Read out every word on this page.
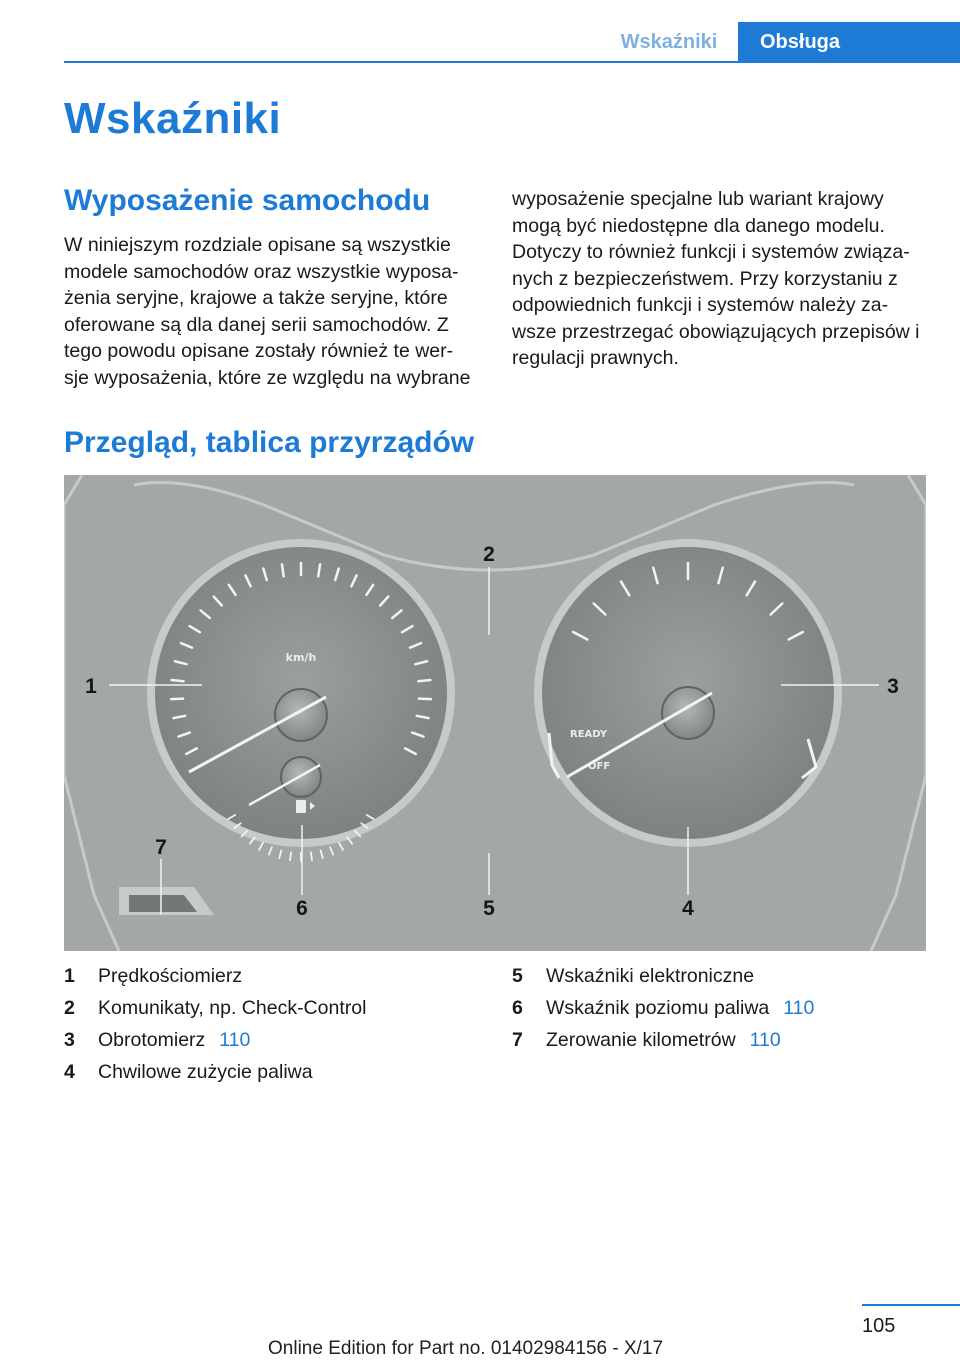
Wskaźniki	Obsługa
Wskaźniki
Wyposażenie samochodu
W niniejszym rozdziale opisane są wszystkie
modele samochodów oraz wszystkie wyposa‐
żenia seryjne, krajowe a także seryjne, które
oferowane są dla danej serii samochodów. Z
tego powodu opisane zostały również te wer‐
sje wyposażenia, które ze względu na wybrane
wyposażenie specjalne lub wariant krajowy
mogą być niedostępne dla danego modelu.
Dotyczy to również funkcji i systemów związa‐
nych z bezpieczeństwem. Przy korzystaniu z
odpowiednich funkcji i systemów należy za‐
wsze przestrzegać obowiązujących przepisów i
regulacji prawnych.
Przegląd, tablica przyrządów
km/h
READY
OFF
1
2
3
4
5
6
7
1 Prędkościomierz
2 Komunikaty, np. Check-Control
3 Obrotomierz 110
4 Chwilowe zużycie paliwa
5 Wskaźniki elektroniczne
6 Wskaźnik poziomu paliwa 110
7 Zerowanie kilometrów 110
105
Online Edition for Part no. 01402984156 - X/17
